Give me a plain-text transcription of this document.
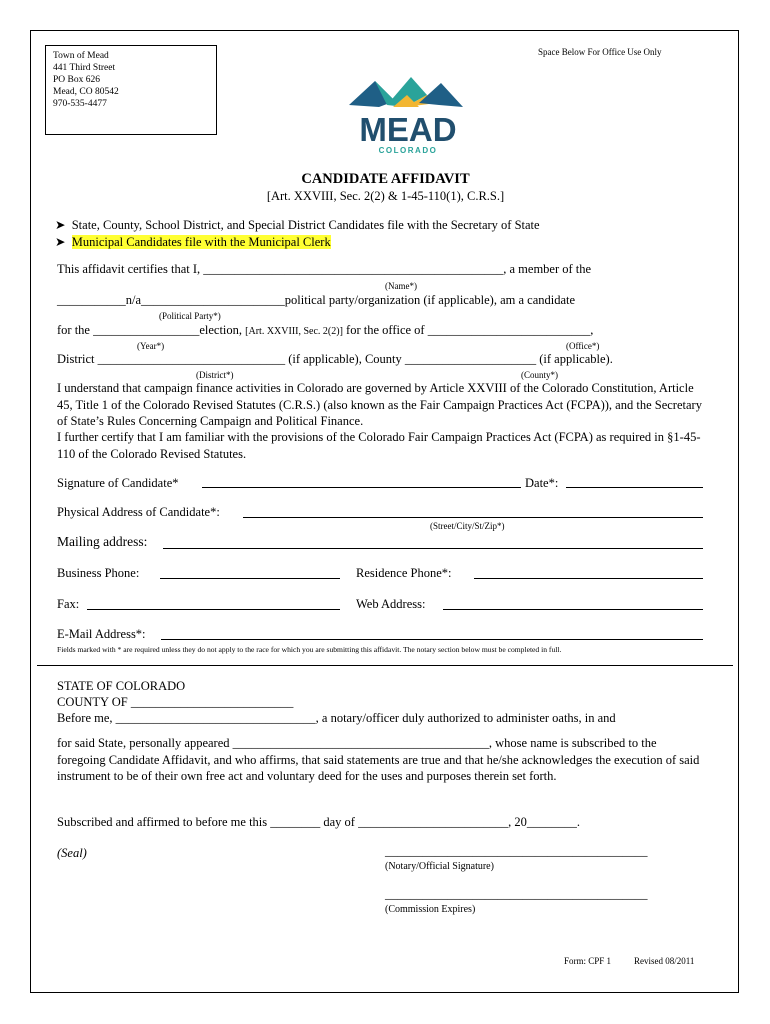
Town of Mead
441 Third Street
PO Box 626
Mead, CO 80542
970-535-4477
Space Below For Office Use Only
MEAD
COLORADO
CANDIDATE AFFIDAVIT
[Art. XXVIII, Sec. 2(2) & 1-45-110(1), C.R.S.]
➤ State, County, School District, and Special District Candidates file with the Secretary of State
➤ Municipal Candidates file with the Municipal Clerk
This affidavit certifies that I, ________________________________________________, a member of the
(Name*)
___________n/a_______________________political party/organization (if applicable), am a candidate
(Political Party*)
for the _________________election, [Art. XXVIII, Sec. 2(2)] for the office of __________________________,
(Year*)	(Office*)
District ______________________________ (if applicable), County _____________________ (if applicable).
(District*)	(County*)
I understand that campaign finance activities in Colorado are governed by Article XXVIII of the Colorado Constitution, Article 45, Title 1 of the Colorado Revised Statutes (C.R.S.) (also known as the Fair Campaign Practices Act (FCPA)), and the Secretary of State’s Rules Concerning Campaign and Political Finance.
I further certify that I am familiar with the provisions of the Colorado Fair Campaign Practices Act (FCPA) as required in §1-45-110 of the Colorado Revised Statutes.
Signature of Candidate*	Date*:
Physical Address of Candidate*:
(Street/City/St/Zip*)
Mailing address:
Business Phone:	Residence Phone*:
Fax:	Web Address:
E-Mail Address*:
Fields marked with * are required unless they do not apply to the race for which you are submitting this affidavit. The notary section below must be completed in full.
STATE OF COLORADO
COUNTY OF __________________________
Before me, ________________________________, a notary/officer duly authorized to administer oaths, in and
for said State, personally appeared _________________________________________, whose name is subscribed to the foregoing Candidate Affidavit, and who affirms, that said statements are true and that he/she acknowledges the execution of said instrument to be of their own free act and voluntary deed for the uses and purposes therein set forth.
Subscribed and affirmed to before me this ________ day of ________________________, 20________.
(Seal)	__________________________________________
(Notary/Official Signature)
__________________________________________
(Commission Expires)
Form: CPF 1	Revised 08/2011
